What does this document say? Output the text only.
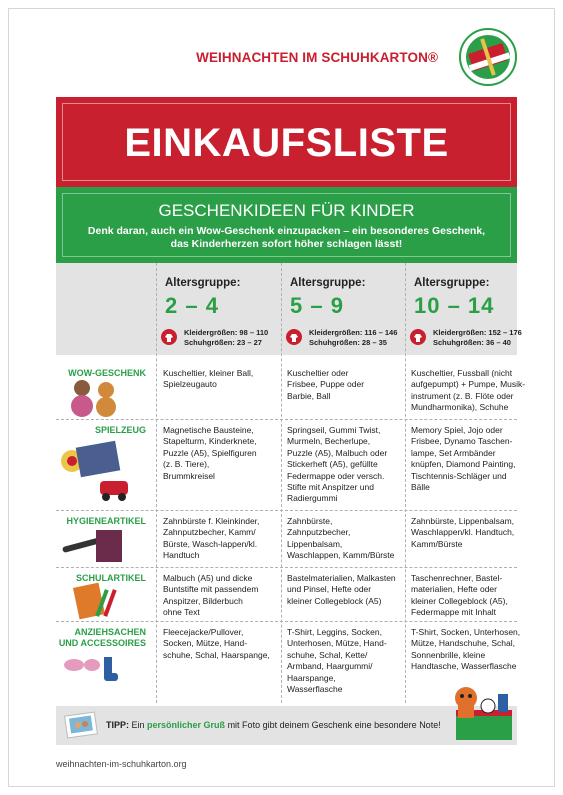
WEIHNACHTEN IM SCHUHKARTON®
EINKAUFSLISTE
GESCHENKIDEEN FÜR KINDER
Denk daran, auch ein Wow-Geschenk einzupacken – ein besonderes Geschenk,
das Kinderherzen sofort höher schlagen lässt!
Altersgruppe:
2 – 4
Kleidergrößen: 98 – 110
Schuhgrößen: 23 – 27
Altersgruppe:
5 – 9
Kleidergrößen: 116 – 146
Schuhgrößen: 28 – 35
Altersgruppe:
10 – 14
Kleidergrößen: 152 – 176
Schuhgrößen: 36 – 40
TIPP: Ein persönlicher Gruß mit Foto gibt deinem Geschenk eine besondere Note!
weihnachten-im-schuhkarton.org
WOW-GESCHENK Kuscheltier, kleiner Ball,
Spielzeugauto
Kuscheltier oder
Frisbee, Puppe oder
Barbie, Ball
Kuscheltier, Fussball (nicht
aufgepumpt) + Pumpe, Musik-
instrument (z. B. Flöte oder
Mundharmonika), Schuhe
SPIELZEUG Magnetische Bausteine,
Stapelturm, Kinderknete,
Puzzle (A5), Spielfiguren
(z. B. Tiere),
Brummkreisel
Springseil, Gummi Twist,
Murmeln, Becherlupe,
Puzzle (A5), Malbuch oder
Stickerheft (A5), gefüllte
Federmappe oder versch.
Stifte mit Anspitzer und
Radiergummi
Memory Spiel, Jojo oder
Frisbee, Dynamo Taschen-
lampe, Set Armbänder
knüpfen, Diamond Painting,
Tischtennis-Schläger und
Bälle
HYGIENEARTIKEL Zahnbürste f. Kleinkinder,
Zahnputzbecher, Kamm/
Bürste, Wasch-lappen/kl.
Handtuch
Zahnbürste,
Zahnputzbecher,
Lippenbalsam,
Waschlappen, Kamm/Bürste
Zahnbürste, Lippenbalsam,
Waschlappen/kl. Handtuch,
Kamm/Bürste
SCHULARTIKEL Malbuch (A5) und dicke
Buntstifte mit passendem
Anspitzer, Bilderbuch
ohne Text
Bastelmaterialien, Malkasten
und Pinsel, Hefte oder
kleiner Collegeblock (A5)
Taschenrechner, Bastel-
materialien, Hefte oder
kleiner Collegeblock (A5),
Federmappe mit Inhalt
ANZIEHSACHEN
UND ACCESSOIRES
Fleecejacke/Pullover,
Socken, Mütze, Hand-
schuhe, Schal, Haarspange,
T-Shirt, Leggins, Socken,
Unterhosen, Mütze, Hand-
schuhe, Schal, Kette/
Armband, Haargummi/
Haarspange,
Wasserflasche
T-Shirt, Socken, Unterhosen,
Mütze, Handschuhe, Schal,
Sonnenbrille, kleine
Handtasche, Wasserflasche
